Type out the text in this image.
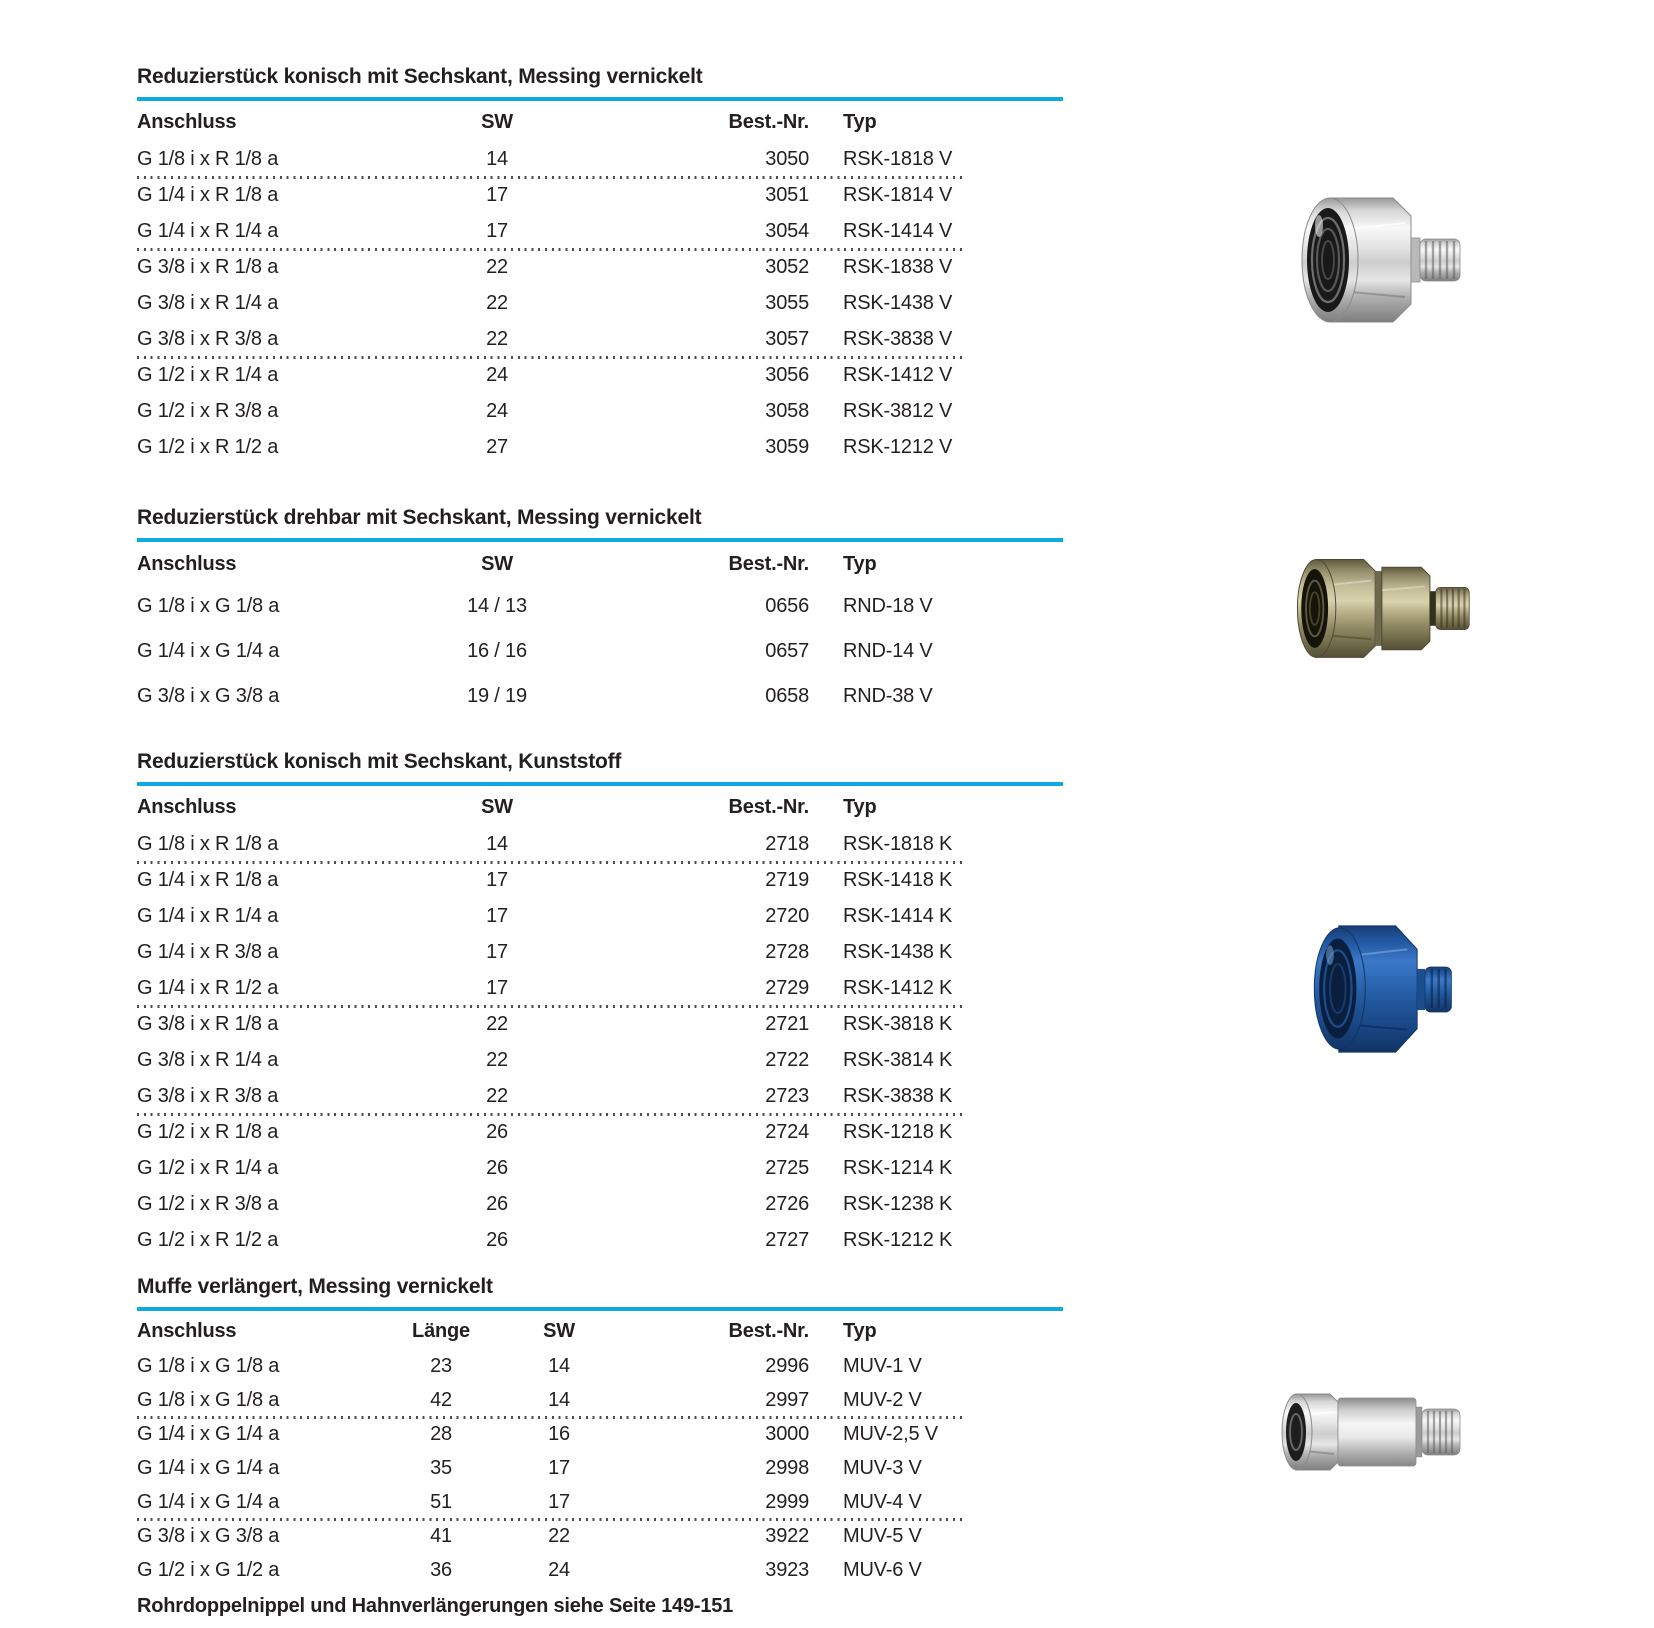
Reduzierstück konisch mit Sechskant, Messing vernickelt
Anschluss	SW	Best.-Nr.	Typ
G 1/8 i x R 1/8 a	14	3050	RSK-1818 V
G 1/4 i x R 1/8 a	17	3051	RSK-1814 V
G 1/4 i x R 1/4 a	17	3054	RSK-1414 V
G 3/8 i x R 1/8 a	22	3052	RSK-1838 V
G 3/8 i x R 1/4 a	22	3055	RSK-1438 V
G 3/8 i x R 3/8 a	22	3057	RSK-3838 V
G 1/2 i x R 1/4 a	24	3056	RSK-1412 V
G 1/2 i x R 3/8 a	24	3058	RSK-3812 V
G 1/2 i x R 1/2 a	27	3059	RSK-1212 V
Reduzierstück drehbar mit Sechskant, Messing vernickelt
Anschluss	SW	Best.-Nr.	Typ
G 1/8 i x G 1/8 a	14 / 13	0656	RND-18 V
G 1/4 i x G 1/4 a	16 / 16	0657	RND-14 V
G 3/8 i x G 3/8 a	19 / 19	0658	RND-38 V
Reduzierstück konisch mit Sechskant, Kunststoff
Anschluss	SW	Best.-Nr.	Typ
G 1/8 i x R 1/8 a	14	2718	RSK-1818 K
G 1/4 i x R 1/8 a	17	2719	RSK-1418 K
G 1/4 i x R 1/4 a	17	2720	RSK-1414 K
G 1/4 i x R 3/8 a	17	2728	RSK-1438 K
G 1/4 i x R 1/2 a	17	2729	RSK-1412 K
G 3/8 i x R 1/8 a	22	2721	RSK-3818 K
G 3/8 i x R 1/4 a	22	2722	RSK-3814 K
G 3/8 i x R 3/8 a	22	2723	RSK-3838 K
G 1/2 i x R 1/8 a	26	2724	RSK-1218 K
G 1/2 i x R 1/4 a	26	2725	RSK-1214 K
G 1/2 i x R 3/8 a	26	2726	RSK-1238 K
G 1/2 i x R 1/2 a	26	2727	RSK-1212 K
Muffe verlängert, Messing vernickelt
Anschluss	Länge	SW	Best.-Nr.	Typ
G 1/8 i x G 1/8 a	23	14	2996	MUV-1 V
G 1/8 i x G 1/8 a	42	14	2997	MUV-2 V
G 1/4 i x G 1/4 a	28	16	3000	MUV-2,5 V
G 1/4 i x G 1/4 a	35	17	2998	MUV-3 V
G 1/4 i x G 1/4 a	51	17	2999	MUV-4 V
G 3/8 i x G 3/8 a	41	22	3922	MUV-5 V
G 1/2 i x G 1/2 a	36	24	3923	MUV-6 V

Rohrdoppelnippel und Hahnverlängerungen siehe Seite 149-151
